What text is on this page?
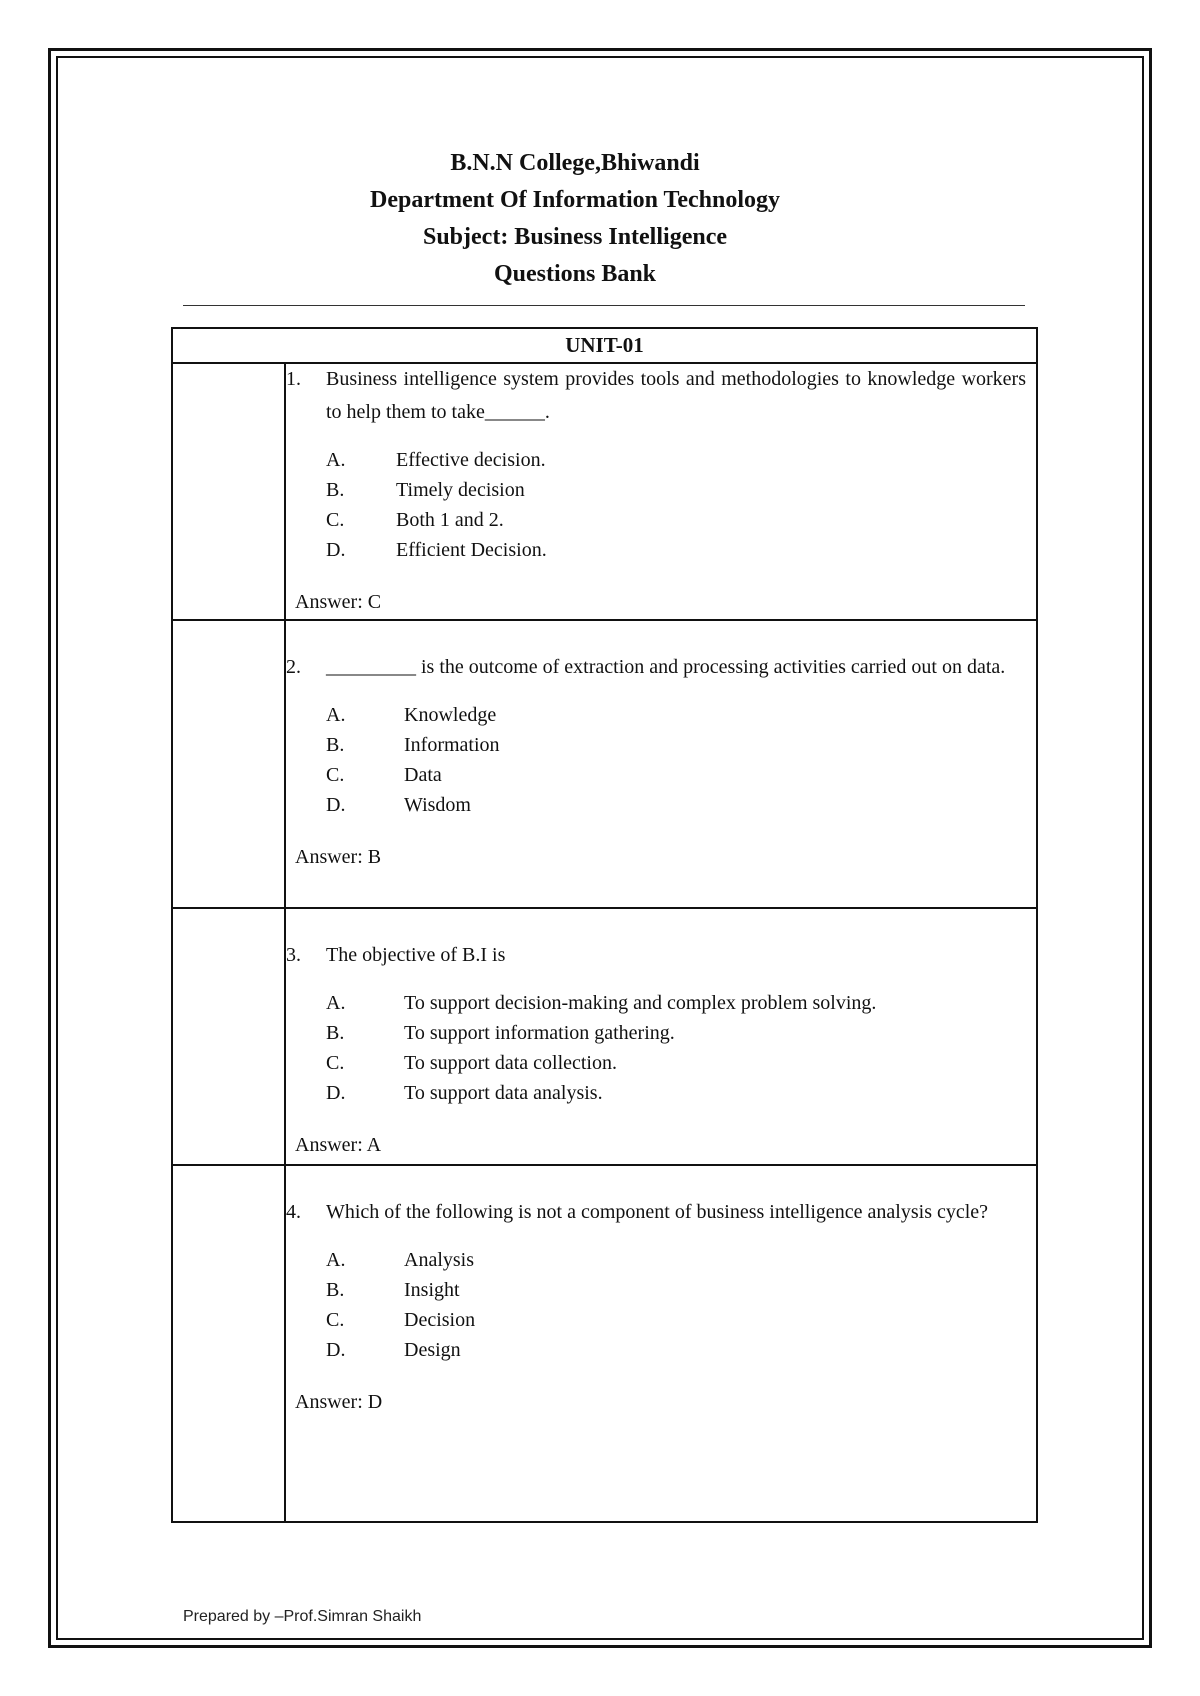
B.N.N College,Bhiwandi
Department Of Information Technology
Subject: Business Intelligence
Questions Bank
UNIT-01
1. Business intelligence system provides tools and methodologies to knowledge workers to help them to take______.
A.	Effective decision.
B.	Timely decision
C.	Both 1 and 2.
D.	Efficient Decision.
Answer: C
2. _________ is the outcome of extraction and processing activities carried out on data.
A.	Knowledge
B.	Information
C.	Data
D.	Wisdom
Answer: B
3. The objective of B.I is
A.	To support decision-making and complex problem solving.
B.	To support information gathering.
C.	To support data collection.
D.	To support data analysis.
Answer: A
4. Which of the following is not a component of business intelligence analysis cycle?
A.	Analysis
B.	Insight
C.	Decision
D.	Design
Answer: D
Prepared by –Prof.Simran Shaikh
